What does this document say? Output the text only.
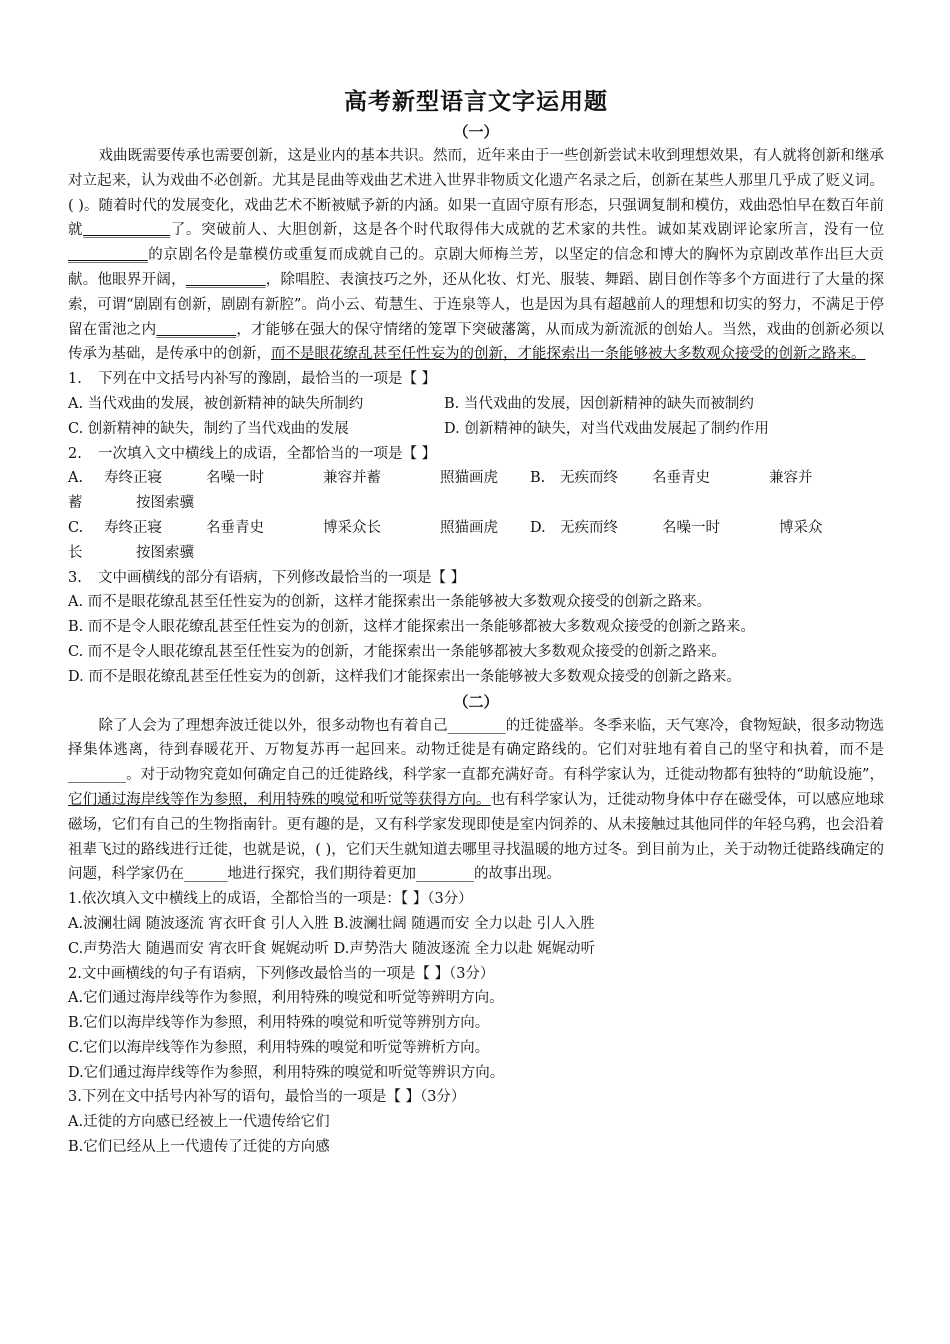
高考新型语言文字运用题
（一）

戏曲既需要传承也需要创新，这是业内的基本共识。然而，近年来由于一些创新尝试未收到理想效果，有人就将创新和继承对立起来，认为戏曲不必创新。尤其是昆曲等戏曲艺术进入世界非物质文化遗产名录之后，创新在某些人那里几乎成了贬义词。( )。随着时代的发展变化，戏曲艺术不断被赋予新的内涵。如果一直固守原有形态，只强调复制和模仿，戏曲恐怕早在数百年前就____________了。突破前人、大胆创新，这是各个时代取得伟大成就的艺术家的共性。诚如某戏剧评论家所言，没有一位___________的京剧名伶是靠模仿或重复而成就自己的。京剧大师梅兰芳，以坚定的信念和博大的胸怀为京剧改革作出巨大贡献。他眼界开阔，___________，除唱腔、表演技巧之外，还从化妆、灯光、服装、舞蹈、剧目创作等多个方面进行了大量的探索，可谓“剧剧有创新，剧剧有新腔”。尚小云、荀慧生、于连泉等人，也是因为具有超越前人的理想和切实的努力，不满足于停留在雷池之内___________，才能够在强大的保守情绪的笼罩下突破藩篱，从而成为新流派的创始人。当然，戏曲的创新必须以传承为基础，是传承中的创新，而不是眼花缭乱甚至任性妄为的创新，才能探索出一条能够被大多数观众接受的创新之路来。

1. 下列在中文括号内补写的豫剧，最恰当的一项是【 】
A. 当代戏曲的发展，被创新精神的缺失所制约	B. 当代戏曲的发展，因创新精神的缺失而被制约
C. 创新精神的缺失，制约了当代戏曲的发展	D. 创新精神的缺失，对当代戏曲发展起了制约作用
2. 一次填入文中横线上的成语，全都恰当的一项是【 】
A. 寿终正寝	名噪一时	兼容并蓄	照猫画虎 B. 无疾而终 名垂青史	兼容并
蓄	按图索骥
C. 寿终正寝	名垂青史	博采众长	照猫画虎 D. 无疾而终	名噪一时	博采众
长	按图索骥
3. 文中画横线的部分有语病，下列修改最恰当的一项是【 】
A. 而不是眼花缭乱甚至任性妄为的创新，这样才能探索出一条能够被大多数观众接受的创新之路来。
B. 而不是令人眼花缭乱甚至任性妄为的创新，这样才能探索出一条能够都被大多数观众接受的创新之路来。
C. 而不是令人眼花缭乱甚至任性妄为的创新，才能探索出一条能够都被大多数观众接受的创新之路来。
D. 而不是眼花缭乱甚至任性妄为的创新，这样我们才能探索出一条能够被大多数观众接受的创新之路来。
（二）

除了人会为了理想奔波迁徙以外，很多动物也有着自己________的迁徙盛举。冬季来临，天气寒冷，食物短缺，很多动物选择集体逃离，待到春暖花开、万物复苏再一起回来。动物迁徙是有确定路线的。它们对驻地有着自己的坚守和执着，而不是________。对于动物究竟如何确定自己的迁徙路线，科学家一直都充满好奇。有科学家认为，迁徙动物都有独特的“助航设施”，它们通过海岸线等作为参照，利用特殊的嗅觉和听觉等获得方向。也有科学家认为，迁徙动物身体中存在磁受体，可以感应地球磁场，它们有自己的生物指南针。更有趣的是，又有科学家发现即使是室内饲养的、从未接触过其他同伴的年轻乌鸦，也会沿着祖辈飞过的路线进行迁徙，也就是说，( )，它们天生就知道去哪里寻找温暖的地方过冬。到目前为止，关于动物迁徙路线确定的问题，科学家仍在______地进行探究，我们期待着更加________的故事出现。

1.依次填入文中横线上的成语，全都恰当的一项是：【 】（3分）
A.波澜壮阔 随波逐流 宵衣旰食 引人入胜 B.波澜壮阔 随遇而安 全力以赴 引人入胜
C.声势浩大 随遇而安 宵衣旰食 娓娓动听 D.声势浩大 随波逐流 全力以赴 娓娓动听
2.文中画横线的句子有语病，下列修改最恰当的一项是【 】（3分）
A.它们通过海岸线等作为参照，利用特殊的嗅觉和听觉等辨明方向。
B.它们以海岸线等作为参照，利用特殊的嗅觉和听觉等辨别方向。
C.它们以海岸线等作为参照，利用特殊的嗅觉和听觉等辨析方向。
D.它们通过海岸线等作为参照，利用特殊的嗅觉和听觉等辨识方向。
3.下列在文中括号内补写的语句，最恰当的一项是【 】（3分）
A.迁徙的方向感已经被上一代遗传给它们
B.它们已经从上一代遗传了迁徙的方向感
